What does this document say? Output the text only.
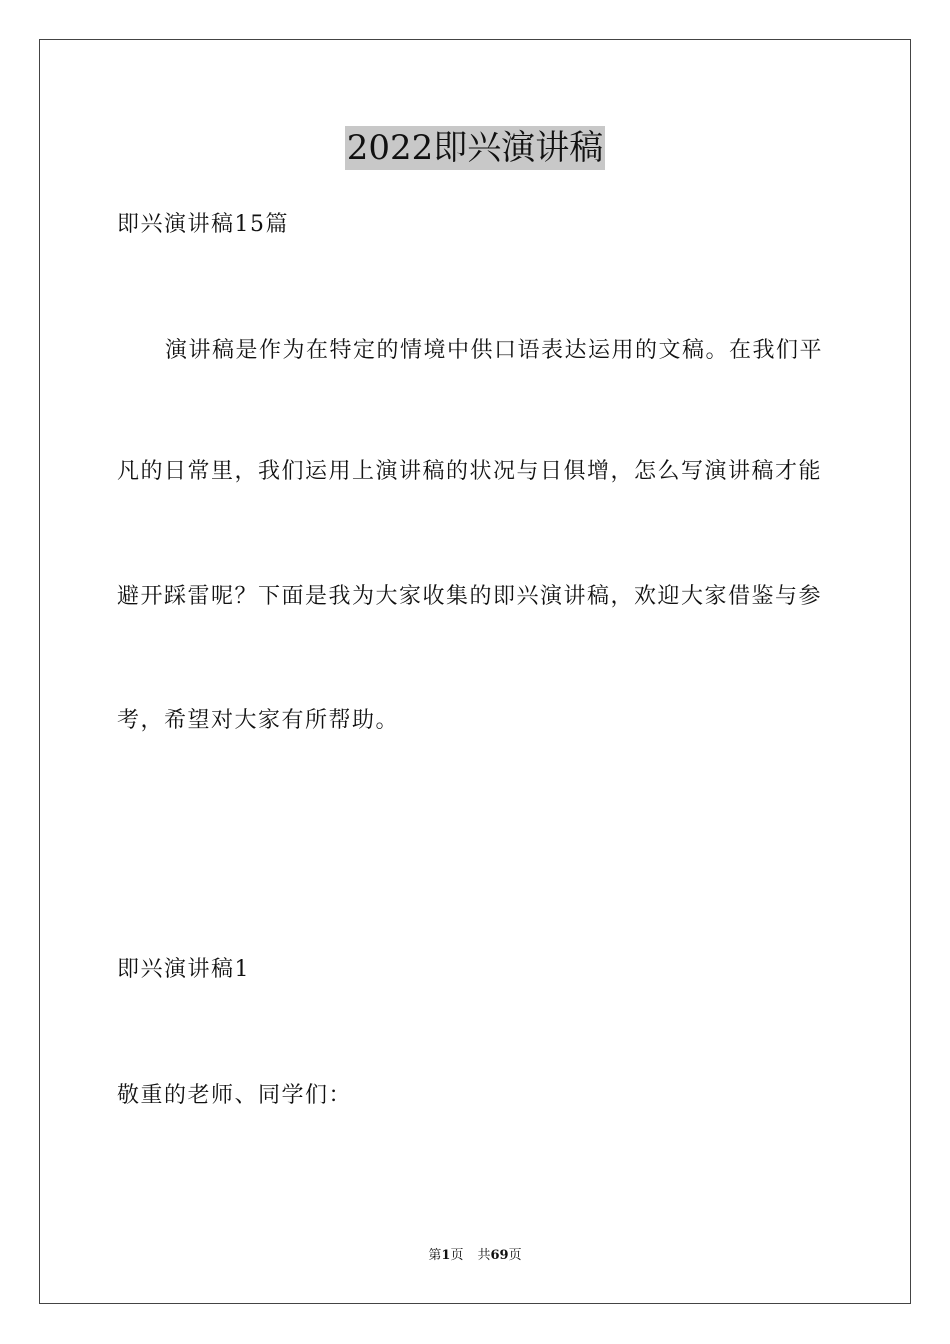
2022即兴演讲稿
即兴演讲稿15篇
演讲稿是作为在特定的情境中供口语表达运用的文稿。在我们平
凡的日常里，我们运用上演讲稿的状况与日俱增，怎么写演讲稿才能
避开踩雷呢？下面是我为大家收集的即兴演讲稿，欢迎大家借鉴与参
考，希望对大家有所帮助。
即兴演讲稿1
敬重的老师、同学们：
第1页 共69页
